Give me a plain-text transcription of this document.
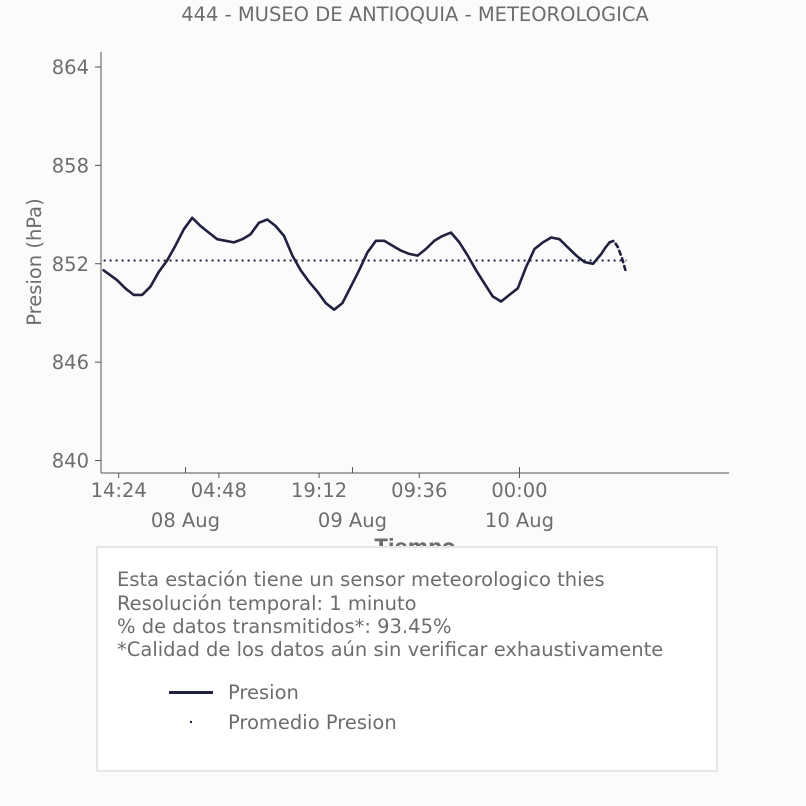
444 - MUSEO DE ANTIOQUIA - METEOROLOGICA
Presion (hPa)
840
846
852
858
864
14:24 04:48 19:12 09:36 00:00
08 Aug	09 Aug	10 Aug
Esta estación tiene un sensor meteorologico thies
Resolución temporal: 1 minuto
% de datos transmitidos*: 93.45%
*Calidad de los datos aún sin verificar exhaustivamente
Presion
Promedio Presion
